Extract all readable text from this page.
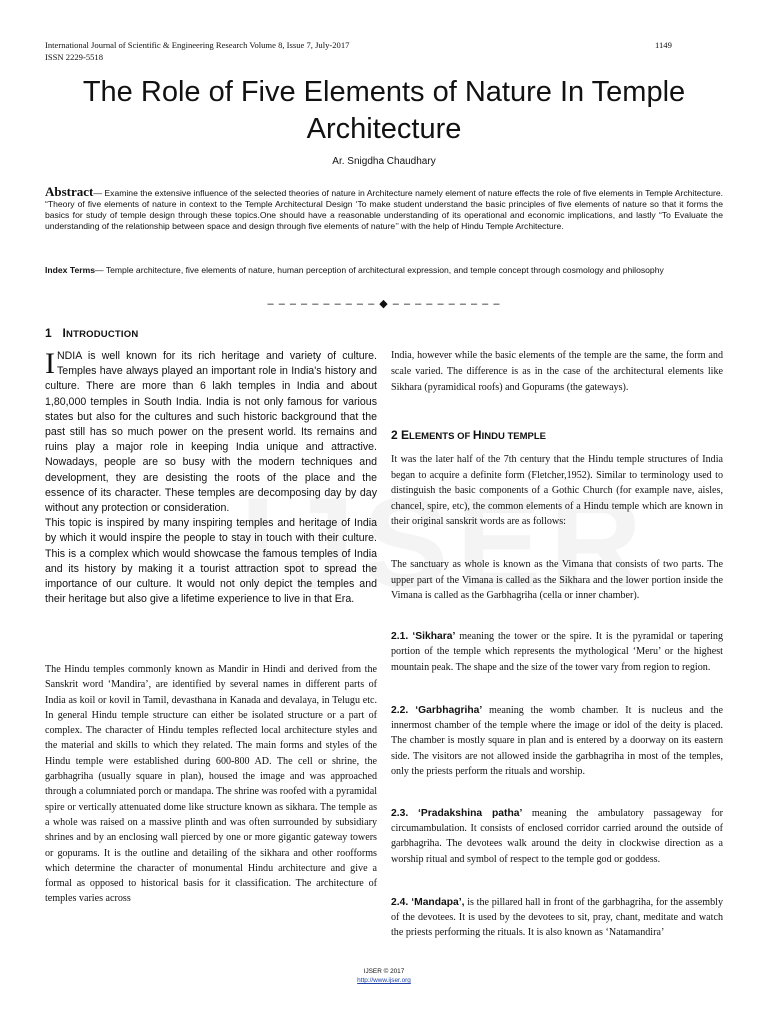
International Journal of Scientific & Engineering Research Volume 8, Issue 7, July-2017
ISSN 2229-5518
1149
The Role of Five Elements of Nature In Temple Architecture
Ar. Snigdha Chaudhary
Abstract— Examine the extensive influence of the selected theories of nature in Architecture namely element of nature effects the role of five elements in Temple Architecture. “Theory of five elements of nature in context to the Temple Architectural Design ‘To make student understand the basic principles of five elements of nature so that it forms the basics for study of temple design through these topics.One should have a reasonable understanding of its operational and economic implications, and lastly “To Evaluate the understanding of the relationship between space and design through five elements of nature’’ with the help of Hindu Temple Architecture.
Index Terms— Temple architecture, five elements of nature, human perception of architectural expression, and temple concept through cosmology and philosophy
– – – – – – – – – – ◆ – – – – – – – – – –
1 INTRODUCTION

INDIA is well known for its rich heritage and variety of culture. Temples have always played an important role in India's history and culture. There are more than 6 lakh temples in India and about 1,80,000 temples in South India. India is not only famous for various states but also for the cultures and such historic background that the past still has so much power on the present world. Its remains and ruins play a major role in keeping India unique and attractive. Nowadays, people are so busy with the modern techniques and development, they are desisting the roots of the place and the essence of its character. These temples are decomposing day by day without any protection or consideration.

This topic is inspired by many inspiring temples and heritage of India by which it would inspire the people to stay in touch with their culture. This is a complex which would showcase the famous temples of India and its history by making it a tourist attraction spot to spread the importance of our culture. It would not only depict the temples and their heritage but also give a lifetime experience to live in that Era.

The Hindu temples commonly known as Mandir in Hindi and derived from the Sanskrit word ‘Mandira’, are identified by several names in different parts of India as koil or kovil in Tamil, devasthana in Kanada and devalaya, in Telugu etc. In general Hindu temple structure can either be isolated structure or a part of complex. The character of Hindu temples reflected local architecture styles and the material and skills to which they related. The main forms and styles of the Hindu temple were established during 600-800 AD. The cell or shrine, the garbhagriha (usually square in plan), housed the image and was approached through a columniated porch or mandapa. The shrine was roofed with a pyramidal spire or vertically attenuated dome like structure known as sikhara. The temple as a whole was raised on a massive plinth and was often surrounded by subsidiary shrines and by an enclosing wall pierced by one or more gigantic gateway towers or gopurams. It is the outline and detailing of the sikhara and other roofforms which determine the character of monumental Hindu architecture and give a formal as opposed to historical basis for it classification. The architecture of temples varies across
India, however while the basic elements of the temple are the same, the form and scale varied. The difference is as in the case of the architectural elements like Sikhara (pyramidical roofs) and Gopurams (the gateways).
2 ELEMENTS OF HINDU TEMPLE
It was the later half of the 7th century that the Hindu temple structures of India began to acquire a definite form (Fletcher,1952). Similar to terminology used to distinguish the basic components of a Gothic Church (for example nave, aisles, chancel, spire, etc), the common elements of a Hindu temple which are known in their original sanskrit words are as follows:
The sanctuary as whole is known as the Vimana that consists of two parts. The upper part of the Vimana is called as the Sikhara and the lower portion inside the Vimana is called as the Garbhagriha (cella or inner chamber).
2.1. ‘Sikhara’ meaning the tower or the spire. It is the pyramidal or tapering portion of the temple which represents the mythological ‘Meru’ or the highest mountain peak. The shape and the size of the tower vary from region to region.
2.2. ‘Garbhagriha’ meaning the womb chamber. It is nucleus and the innermost chamber of the temple where the image or idol of the deity is placed. The chamber is mostly square in plan and is entered by a doorway on its eastern side. The visitors are not allowed inside the garbhagriha in most of the temples, only the priests perform the rituals and worship.
2.3. ‘Pradakshina patha’ meaning the ambulatory passageway for circumambulation. It consists of enclosed corridor carried around the outside of garbhagriha. The devotees walk around the deity in clockwise direction as a worship ritual and symbol of respect to the temple god or goddess.
2.4. ‘Mandapa’, is the pillared hall in front of the garbhagriha, for the assembly of the devotees. It is used by the devotees to sit, pray, chant, meditate and watch the priests performing the rituals. It is also known as ‘Natamandira’
IJSER © 2017
http://www.ijser.org
